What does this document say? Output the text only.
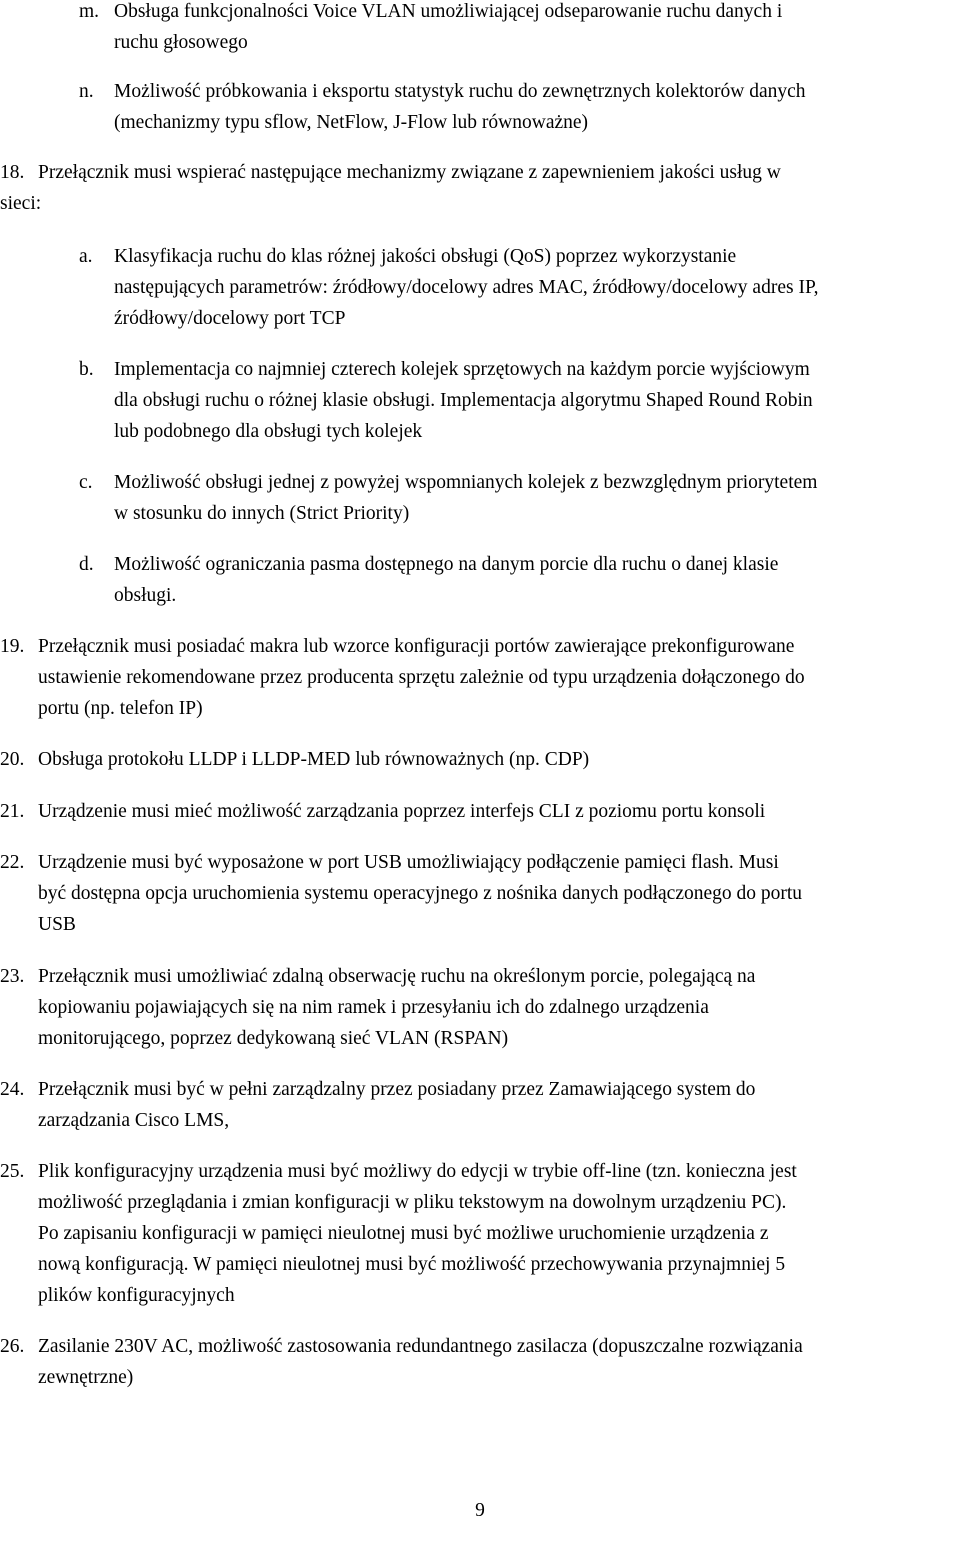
m. Obsługa funkcjonalności Voice VLAN umożliwiającej odseparowanie ruchu danych i
ruchu głosowego
n. Możliwość próbkowania i eksportu statystyk ruchu do zewnętrznych kolektorów danych
(mechanizmy typu sflow, NetFlow, J-Flow lub równoważne)
18. Przełącznik musi wspierać następujące mechanizmy związane z zapewnieniem jakości usług w
sieci:
a. Klasyfikacja ruchu do klas różnej jakości obsługi (QoS) poprzez wykorzystanie
następujących parametrów: źródłowy/docelowy adres MAC, źródłowy/docelowy adres IP,
źródłowy/docelowy port TCP
b. Implementacja co najmniej czterech kolejek sprzętowych na każdym porcie wyjściowym
dla obsługi ruchu o różnej klasie obsługi. Implementacja algorytmu Shaped Round Robin
lub podobnego dla obsługi tych kolejek
c. Możliwość obsługi jednej z powyżej wspomnianych kolejek z bezwzględnym priorytetem
w stosunku do innych (Strict Priority)
d. Możliwość ograniczania pasma dostępnego na danym porcie dla ruchu o danej klasie
obsługi.
19. Przełącznik musi posiadać makra lub wzorce konfiguracji portów zawierające prekonfigurowane
ustawienie rekomendowane przez producenta sprzętu zależnie od typu urządzenia dołączonego do
portu (np. telefon IP)
20. Obsługa protokołu LLDP i LLDP-MED lub równoważnych (np. CDP)
21. Urządzenie musi mieć możliwość zarządzania poprzez interfejs CLI z poziomu portu konsoli
22. Urządzenie musi być wyposażone w port USB umożliwiający podłączenie pamięci flash. Musi
być dostępna opcja uruchomienia systemu operacyjnego z nośnika danych podłączonego do portu
USB
23. Przełącznik musi umożliwiać zdalną obserwację ruchu na określonym porcie, polegającą na
kopiowaniu pojawiających się na nim ramek i przesyłaniu ich do zdalnego urządzenia
monitorującego, poprzez dedykowaną sieć VLAN (RSPAN)
24. Przełącznik musi być w pełni zarządzalny przez posiadany przez Zamawiającego system do
zarządzania Cisco LMS,
25. Plik konfiguracyjny urządzenia musi być możliwy do edycji w trybie off-line (tzn. konieczna jest
możliwość przeglądania i zmian konfiguracji w pliku tekstowym na dowolnym urządzeniu PC).
Po zapisaniu konfiguracji w pamięci nieulotnej musi być możliwe uruchomienie urządzenia z
nową konfiguracją. W pamięci nieulotnej musi być możliwość przechowywania przynajmniej 5
plików konfiguracyjnych
26. Zasilanie 230V AC, możliwość zastosowania redundantnego zasilacza (dopuszczalne rozwiązania
zewnętrzne)
9
